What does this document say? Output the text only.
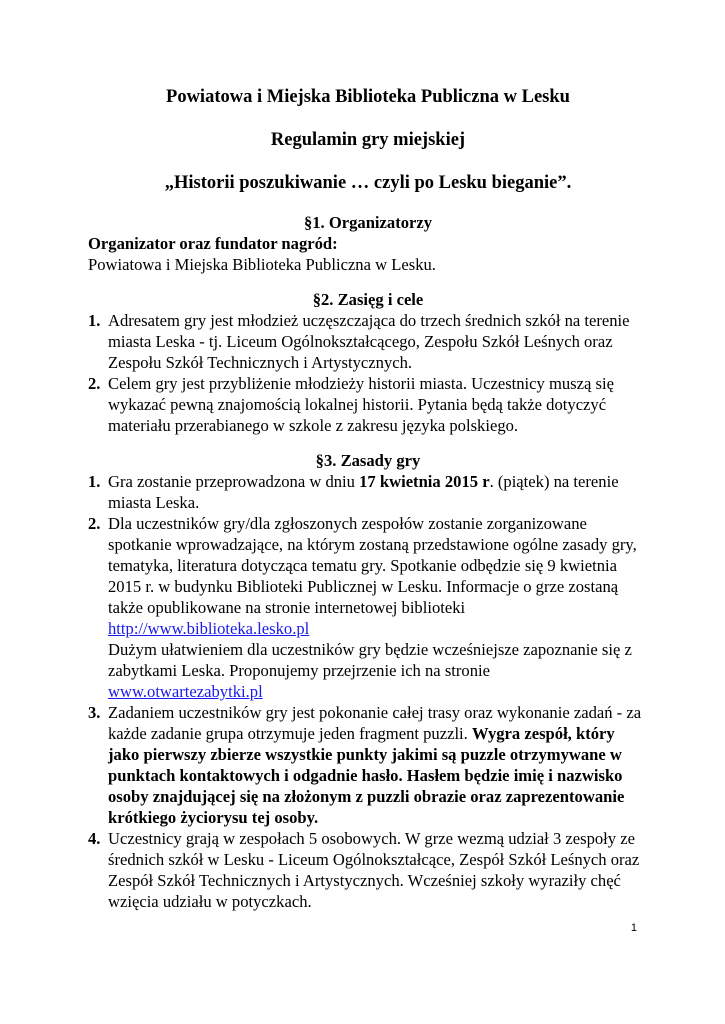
Powiatowa i Miejska Biblioteka Publiczna w Lesku

Regulamin gry miejskiej

„Historii poszukiwanie … czyli po Lesku bieganie”.

§1. Organizatorzy

Organizator oraz fundator nagród:

Powiatowa i Miejska Biblioteka Publiczna w Lesku.

§2. Zasięg i cele

1. Adresatem gry jest młodzież uczęszczająca do trzech średnich szkół na terenie miasta Leska - tj. Liceum Ogólnokształcącego, Zespołu Szkół Leśnych oraz Zespołu Szkół Technicznych i Artystycznych.
2. Celem gry jest przybliżenie młodzieży historii miasta. Uczestnicy muszą się wykazać pewną znajomością lokalnej historii. Pytania będą także dotyczyć materiału przerabianego w szkole z zakresu języka polskiego.

§3. Zasady gry

1. Gra zostanie przeprowadzona w dniu 17 kwietnia 2015 r. (piątek) na terenie miasta Leska.
2. Dla uczestników gry/dla zgłoszonych zespołów zostanie zorganizowane spotkanie wprowadzające, na którym zostaną przedstawione ogólne zasady gry, tematyka, literatura dotycząca tematu gry. Spotkanie odbędzie się 9 kwietnia 2015 r. w budynku Biblioteki Publicznej w Lesku. Informacje o grze zostaną także opublikowane na stronie internetowej biblioteki
http://www.biblioteka.lesko.pl
Dużym ułatwieniem dla uczestników gry będzie wcześniejsze zapoznanie się z zabytkami Leska. Proponujemy przejrzenie ich na stronie
www.otwartezabytki.pl
3. Zadaniem uczestników gry jest pokonanie całej trasy oraz wykonanie zadań - za każde zadanie grupa otrzymuje jeden fragment puzzli. Wygra zespół, który jako pierwszy zbierze wszystkie punkty jakimi są puzzle otrzymywane w punktach kontaktowych i odgadnie hasło. Hasłem będzie imię i nazwisko osoby znajdującej się na złożonym z puzzli obrazie oraz zaprezentowanie krótkiego życiorysu tej osoby.
4. Uczestnicy grają w zespołach 5 osobowych. W grze wezmą udział 3 zespoły ze średnich szkół w Lesku - Liceum Ogólnokształcące, Zespół Szkół Leśnych oraz Zespół Szkół Technicznych i Artystycznych. Wcześniej szkoły wyraziły chęć wzięcia udziału w potyczkach.
1
